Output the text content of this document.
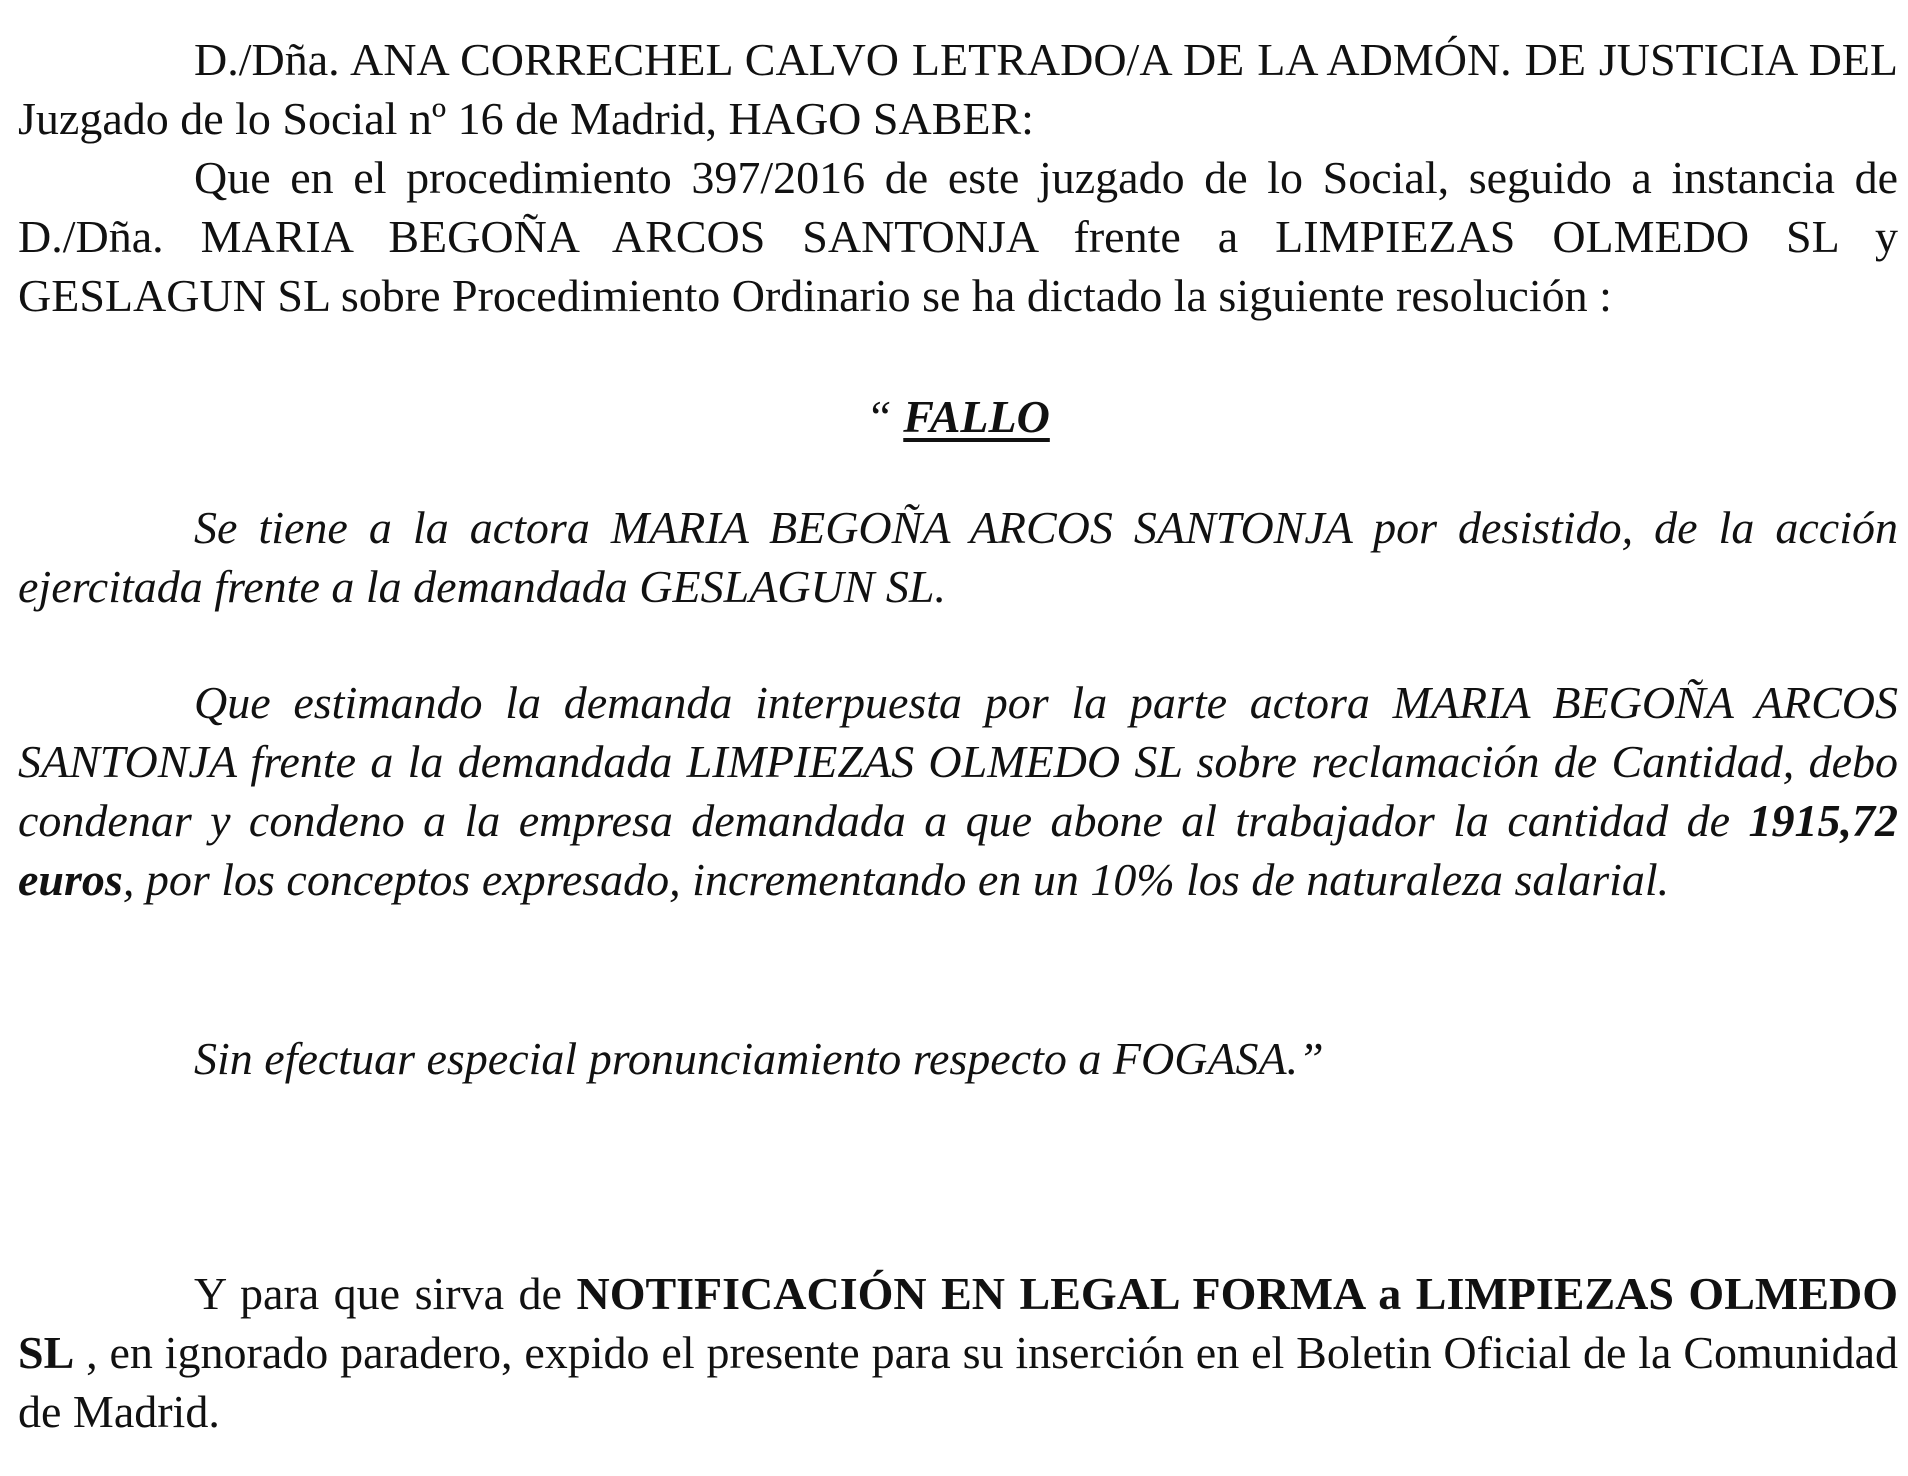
D./Dña. ANA CORRECHEL CALVO LETRADO/A DE LA ADMÓN. DE JUSTICIA DEL Juzgado de lo Social nº 16 de Madrid, HAGO SABER:

Que en el procedimiento 397/2016 de este juzgado de lo Social, seguido a instancia de D./Dña. MARIA BEGOÑA ARCOS SANTONJA frente a LIMPIEZAS OLMEDO SL y GESLAGUN SL sobre Procedimiento Ordinario se ha dictado la siguiente resolución :

“ FALLO

Se tiene a la actora MARIA BEGOÑA ARCOS SANTONJA por desistido, de la acción ejercitada frente a la demandada GESLAGUN SL.

Que estimando la demanda interpuesta por la parte actora MARIA BEGOÑA ARCOS SANTONJA frente a la demandada LIMPIEZAS OLMEDO SL sobre reclamación de Cantidad, debo condenar y condeno a la empresa demandada a que abone al trabajador la cantidad de 1915,72 euros, por los conceptos expresado, incrementando en un 10% los de naturaleza salarial.

Sin efectuar especial pronunciamiento respecto a FOGASA.”

Y para que sirva de NOTIFICACIÓN EN LEGAL FORMA a LIMPIEZAS OLMEDO SL , en ignorado paradero, expido el presente para su inserción en el Boletin Oficial de la Comunidad de Madrid.
